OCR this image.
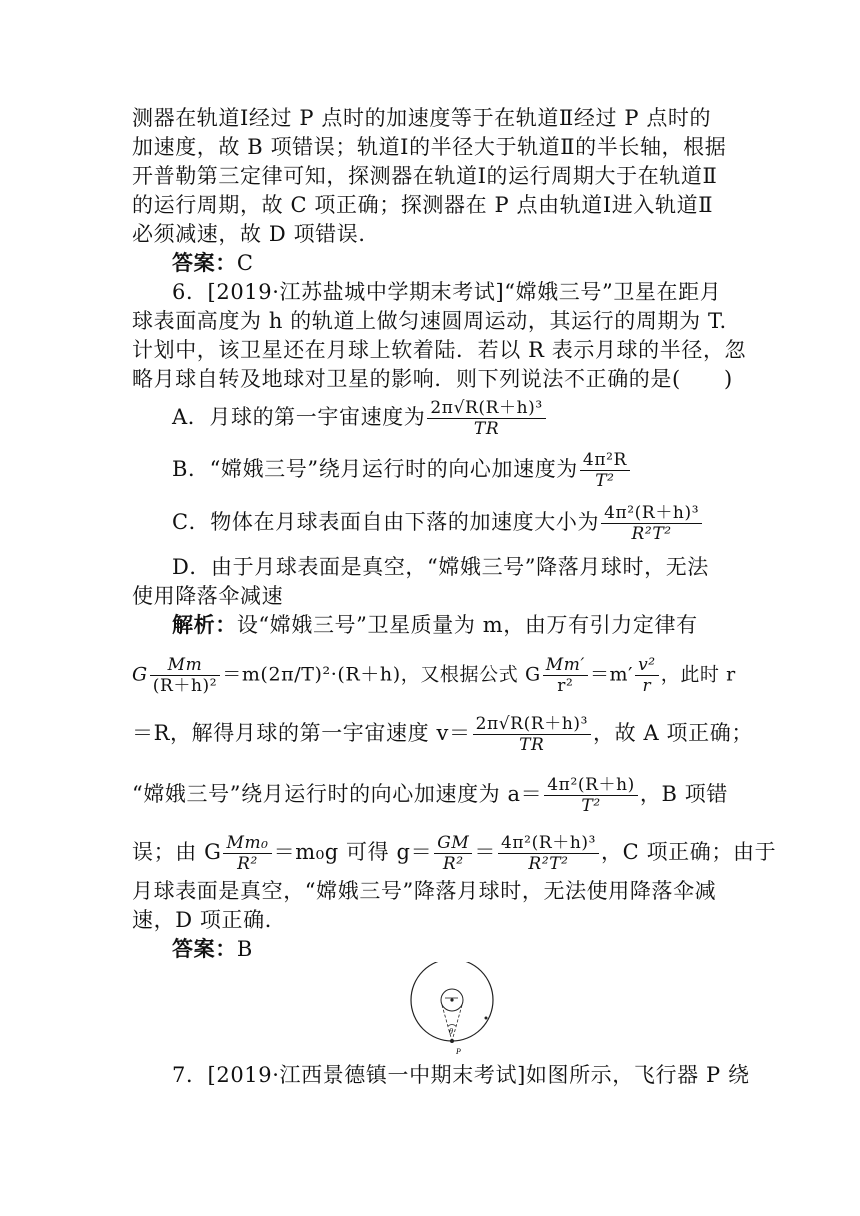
测器在轨道Ⅰ经过 P 点时的加速度等于在轨道Ⅱ经过 P 点时的
加速度，故 B 项错误；轨道Ⅰ的半径大于轨道Ⅱ的半长轴，根据
开普勒第三定律可知，探测器在轨道Ⅰ的运行周期大于在轨道Ⅱ
的运行周期，故 C 项正确；探测器在 P 点由轨道Ⅰ进入轨道Ⅱ
必须减速，故 D 项错误．
答案：C
6．[2019·江苏盐城中学期末考试]“嫦娥三号”卫星在距月
球表面高度为 h 的轨道上做匀速圆周运动，其运行的周期为 T.
计划中，该卫星还在月球上软着陆．若以 R 表示月球的半径，忽
略月球自转及地球对卫星的影响．则下列说法不正确的是(　　)
A．月球的第一宇宙速度为 $\frac{\text{2π√R(R＋h)³}}{TR}$
B．“嫦娥三号”绕月运行时的向心加速度为 $\frac{\text{4π²R}}{\text{T²}}$
C．物体在月球表面自由下落的加速度大小为 $\frac{\text{4π²(R＋h)³}}{\text{R²T²}}$
D．由于月球表面是真空，“嫦娥三号”降落月球时，无法
使用降落伞减速
解析：设“嫦娥三号”卫星质量为 m，由万有引力定律有
G $\frac{Mm}{\text{(R＋h)²}} =m(2\pi/T)^2\cdot(R+h)$，又根据公式 G $\frac{Mm'}{\text{r²}} =m' \frac{\text{v²}}{r}$ ，此时 r
＝R，解得月球的第一宇宙速度 $v= \frac{\text{2π√R(R＋h)³}}{TR}$ ，故 A 项正确；
“嫦娥三号”绕月运行时的向心加速度为 $a= \frac{\text{4π²(R＋h)}}{\text{T²}}$ ，B 项错
误；由 G $\frac{\text{Mm₀}}{\text{R²}} =m_0g$ 可得 $g= \frac{GM}{\text{R²}} = \frac{\text{4π²(R＋h)³}}{\text{R²T²}}$ ，C 项正确；由于
月球表面是真空，“嫦娥三号”降落月球时，无法使用降落伞减
速，D 项正确．
答案：B
θ
P
7．[2019·江西景德镇一中期末考试]如图所示，飞行器 P 绕
